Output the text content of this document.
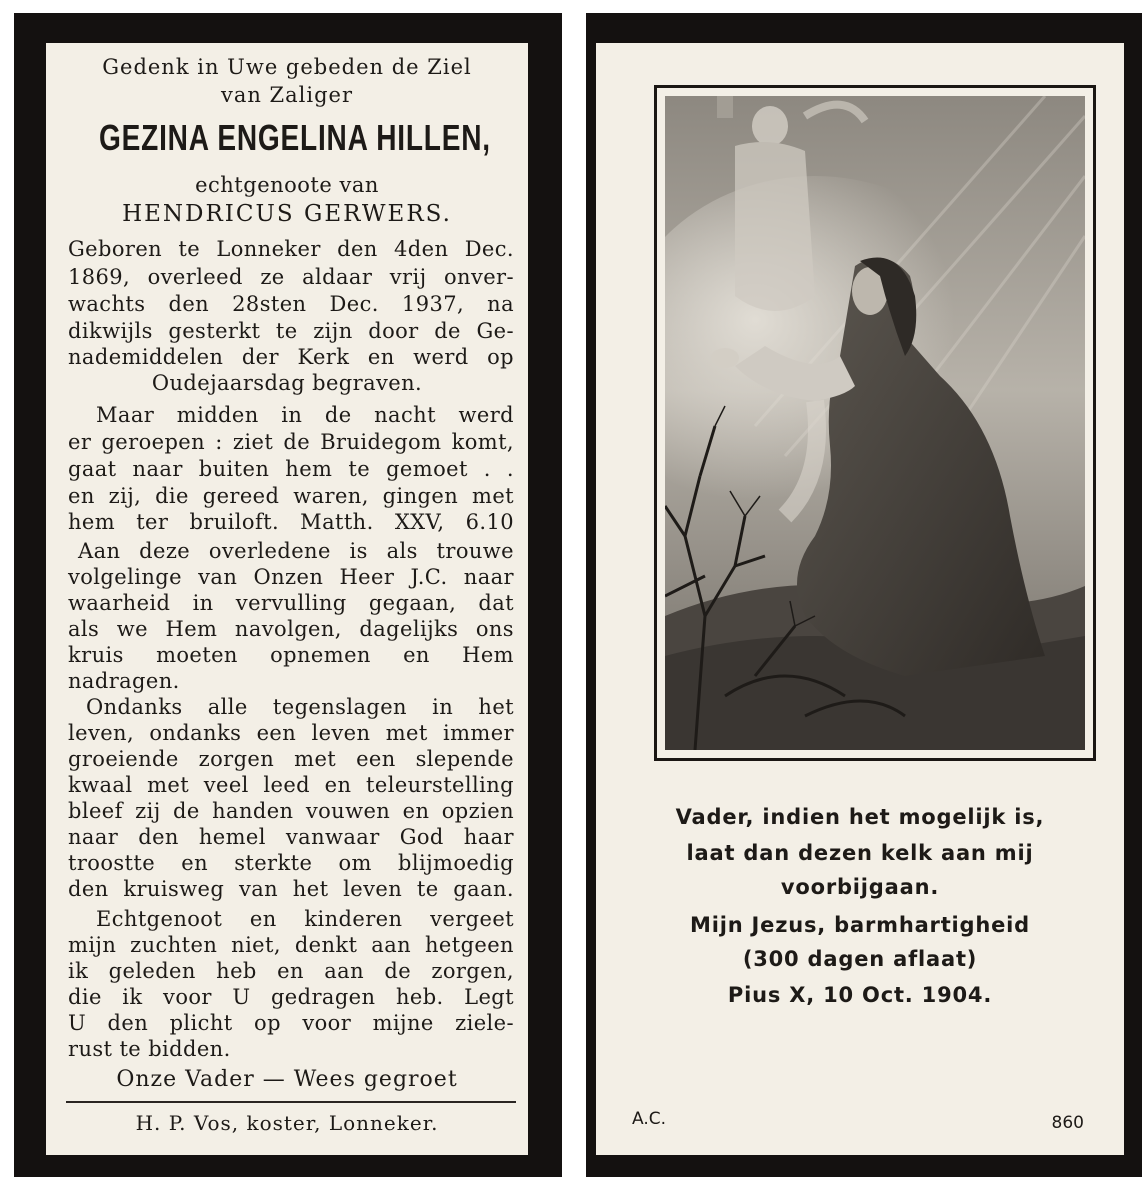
Gedenk in Uwe gebeden de Ziel
van Zaliger
GEZINA ENGELINA HILLEN,
echtgenoote van
HENDRICUS GERWERS.
Geboren te Lonneker den 4den Dec.
1869, overleed ze aldaar vrij onver-
wachts den 28sten Dec. 1937, na
dikwijls gesterkt te zijn door de Ge-
nademiddelen der Kerk en werd op
Oudejaarsdag begraven.
Maar midden in de nacht werd
er geroepen : ziet de Bruidegom komt,
gaat naar buiten hem te gemoet . .
en zij, die gereed waren, gingen met
hem ter bruiloft. Matth. XXV, 6.10
Aan deze overledene is als trouwe
volgelinge van Onzen Heer J.C. naar
waarheid in vervulling gegaan, dat
als we Hem navolgen, dagelijks ons
kruis moeten opnemen en Hem
nadragen.
Ondanks alle tegenslagen in het
leven, ondanks een leven met immer
groeiende zorgen met een slepende
kwaal met veel leed en teleurstelling
bleef zij de handen vouwen en opzien
naar den hemel vanwaar God haar
troostte en sterkte om blijmoedig
den kruisweg van het leven te gaan.
Echtgenoot en kinderen vergeet
mijn zuchten niet, denkt aan hetgeen
ik geleden heb en aan de zorgen,
die ik voor U gedragen heb. Legt
U den plicht op voor mijne ziele-
rust te bidden.
Onze Vader — Wees gegroet
H. P. Vos, koster, Lonneker.
Vader, indien het mogelijk is,
laat dan dezen kelk aan mij
voorbijgaan.
Mijn Jezus, barmhartigheid
(300 dagen aflaat)
Pius X, 10 Oct. 1904.
A.C.	860
